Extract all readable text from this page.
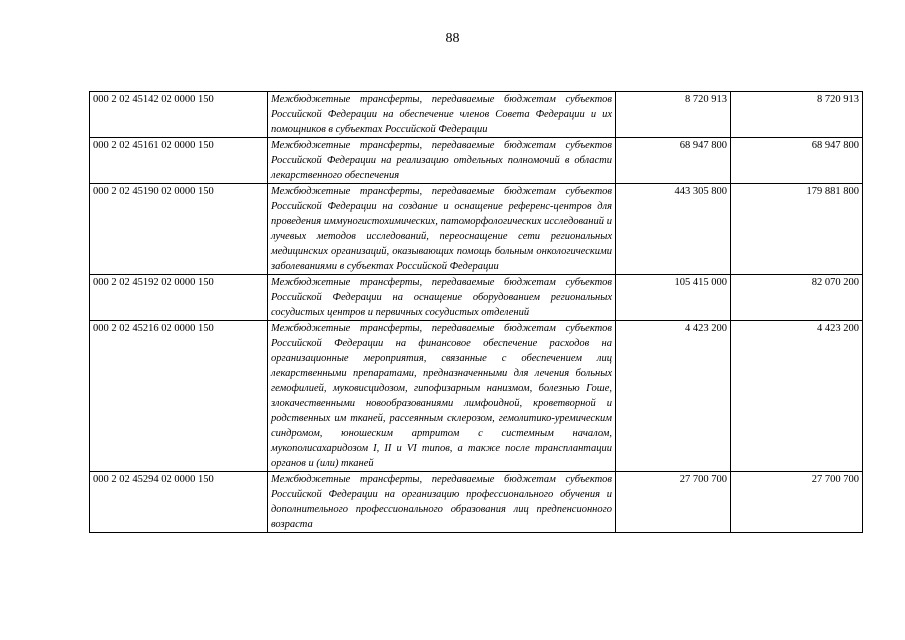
88
000 2 02 45142 02 0000 150	Межбюджетные трансферты, передаваемые бюджетам субъектов Российской Федерации на обеспечение членов Совета Федерации и их помощников в субъектах Российской Федерации	8 720 913	8 720 913
000 2 02 45161 02 0000 150	Межбюджетные трансферты, передаваемые бюджетам субъектов Российской Федерации на реализацию отдельных полномочий в области лекарственного обеспечения	68 947 800	68 947 800
000 2 02 45190 02 0000 150	Межбюджетные трансферты, передаваемые бюджетам субъектов Российской Федерации на создание и оснащение референс-центров для проведения иммуногистохимических, патоморфологических исследований и лучевых методов исследований, переоснащение сети региональных медицинских организаций, оказывающих помощь больным онкологическими заболеваниями в субъектах Российской Федерации	443 305 800	179 881 800
000 2 02 45192 02 0000 150	Межбюджетные трансферты, передаваемые бюджетам субъектов Российской Федерации на оснащение оборудованием региональных сосудистых центров и первичных сосудистых отделений	105 415 000	82 070 200
000 2 02 45216 02 0000 150	Межбюджетные трансферты, передаваемые бюджетам субъектов Российской Федерации на финансовое обеспечение расходов на организационные мероприятия, связанные с обеспечением лиц лекарственными препаратами, предназначенными для лечения больных гемофилией, муковисцидозом, гипофизарным нанизмом, болезнью Гоше, злокачественными новообразованиями лимфоидной, кроветворной и родственных им тканей, рассеянным склерозом, гемолитико-уремическим синдромом, юношеским артритом с системным началом, мукополисахаридозом I, II и VI типов, а также после трансплантации органов и (или) тканей	4 423 200	4 423 200
000 2 02 45294 02 0000 150	Межбюджетные трансферты, передаваемые бюджетам субъектов Российской Федерации на организацию профессионального обучения и дополнительного профессионального образования лиц предпенсионного возраста	27 700 700	27 700 700
